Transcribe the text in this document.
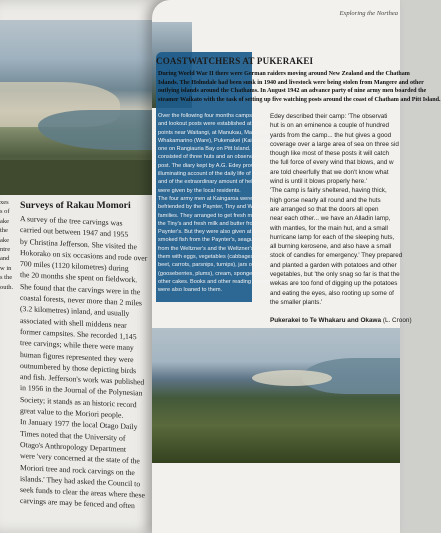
xes
s of
ake
the
ake
ntre
and
w in
s the
outh.
Surveys of Rakau Momori
A survey of the tree carvings was
carried out between 1947 and 1955
by Christina Jefferson. She visited the
Hokorako on six occasions and rode over
700 miles (1120 kilometres) during
the 20 months she spent on fieldwork.
She found that the carvings were in the
coastal forests, never more than 2 miles
(3.2 kilometres) inland, and usually
associated with shell middens near
former campsites. She recorded 1,145
tree carvings; while there were many
human figures represented they were
outnumbered by those depicting birds
and fish. Jefferson's work was published
in 1956 in the Journal of the Polynesian
Society; it stands as an historic record
great value to the Moriori people.
In January 1977 the local Otago Daily
Times noted that the University of
Otago's Anthropology Department
were 'very concerned at the state of the
Moriori tree and rock carvings on the
islands.' They had asked the Council to
seek funds to clear the areas where these
carvings are may be fenced and often
Exploring the Northea
COASTWATCHERS AT PUKERAKEI
During World War II there were German raiders moving around New Zealand and the Chatham
Islands. The Holmdale had been sunk in 1940 and livestock were being stolen from Mangere and other
outlying islands around the Chathams. In August 1942 an advance party of nine army men boarded the
steamer Waikato with the task of setting up five watching posts around the coast of Chatham and Pitt Island.
Over the following four months camps
and lookout posts were established at high
points near Waitangi, at Manukau, Matakitaki
Whakamarino (Ware), Pukenakei (Kaingaroa), and
one on Rangiauria Bay on Pitt Island. Each camp
consisted of three huts and an observation
post. The diary kept by A.G. Edey provides an
illuminating account of the daily life of the group
and of the extraordinary amount of help they
were given by the local residents.
The four army men at Kaingaroa were
befriended by the Paynter, Tiny and Weltzner
families. They arranged to get fresh meat from
the Tiny's and fresh milk and butter from the
Paynter's. But they were also given at times
smoked fish from the Paynter's, seagull eggs
from the Weltzner's and the Weltzner's provided
them with eggs, vegetables (cabbages, silver
beet, carrots, parsnips, turnips), jars of fruit
(gooseberries, plums), cream, sponges and
other cakes. Books and other reading material
were also loaned to them.
Edey described their camp: 'The observati
hut is on an eminence a couple of hundred
yards from the camp... the hut gives a good
coverage over a large area of sea on three sid
though like most of these posts it will catch
the full force of every wind that blows, and w
are told cheerfully that we don't know what
wind is until it blows properly here.'
'The camp is fairly sheltered, having thick,
high gorse nearly all round and the huts
are arranged so that the doors all open
near each other... we have an Alladin lamp,
with mantles, for the main hut, and a small
hurricane lamp for each of the sleeping huts,
all burning kerosene, and also have a small
stock of candles for emergency.' They prepared
and planted a garden with potatoes and other
vegetables, but 'the only snag so far is that the
wekas are too fond of digging up the potatoes
and eating the eyes, also rooting up some of
the smaller plants.'
Pukerakei to Te Whakaru and Okawa (L. Croon)
